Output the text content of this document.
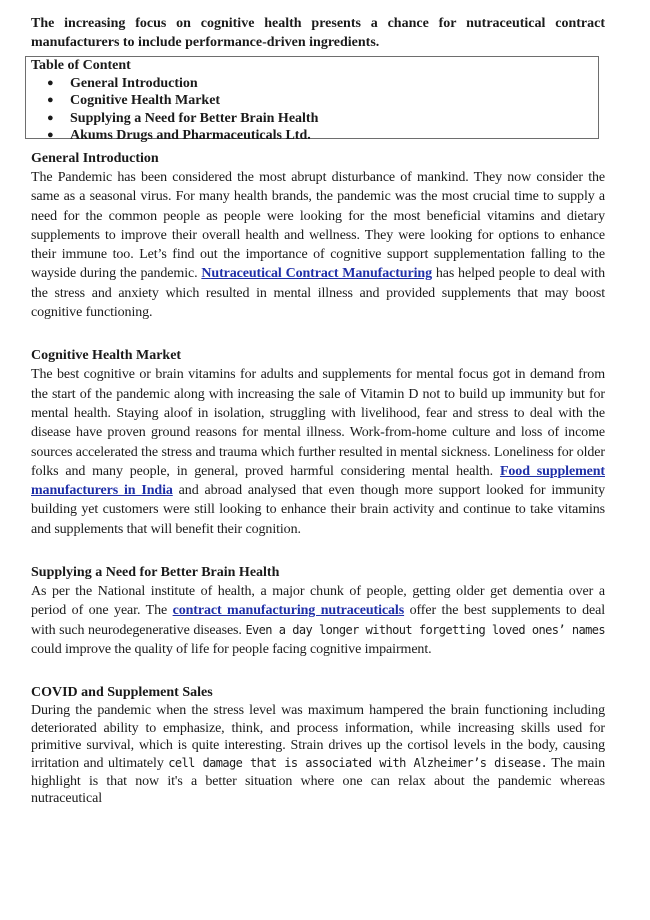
The increasing focus on cognitive health presents a chance for nutraceutical contract manufacturers to include performance-driven ingredients.

Table of Content
● General Introduction
● Cognitive Health Market
● Supplying a Need for Better Brain Health
● Akums Drugs and Pharmaceuticals Ltd.
General Introduction

The Pandemic has been considered the most abrupt disturbance of mankind. They now consider the same as a seasonal virus. For many health brands, the pandemic was the most crucial time to supply a need for the common people as people were looking for the most beneficial vitamins and dietary supplements to improve their overall health and wellness. They were looking for options to enhance their immune too. Let’s find out the importance of cognitive support supplementation falling to the wayside during the pandemic. Nutraceutical Contract Manufacturing has helped people to deal with the stress and anxiety which resulted in mental illness and provided supplements that may boost cognitive functioning.

Cognitive Health Market

The best cognitive or brain vitamins for adults and supplements for mental focus got in demand from the start of the pandemic along with increasing the sale of Vitamin D not to build up immunity but for mental health. Staying aloof in isolation, struggling with livelihood, fear and stress to deal with the disease have proven ground reasons for mental illness. Work-from-home culture and loss of income sources accelerated the stress and trauma which further resulted in mental sickness. Loneliness for older folks and many people, in general, proved harmful considering mental health. Food supplement manufacturers in India and abroad analysed that even though more support looked for immunity building yet customers were still looking to enhance their brain activity and continue to take vitamins and supplements that will benefit their cognition.

Supplying a Need for Better Brain Health

As per the National institute of health, a major chunk of people, getting older get dementia over a period of one year. The contract manufacturing nutraceuticals offer the best supplements to deal with such neurodegenerative diseases. Even a day longer without forgetting loved ones’ names could improve the quality of life for people facing cognitive impairment.

COVID and Supplement Sales

During the pandemic when the stress level was maximum hampered the brain functioning including deteriorated ability to emphasize, think, and process information, while increasing skills used for primitive survival, which is quite interesting. Strain drives up the cortisol levels in the body, causing irritation and ultimately cell damage that is associated with Alzheimer’s disease. The main highlight is that now it's a better situation where one can relax about the pandemic whereas nutraceutical
